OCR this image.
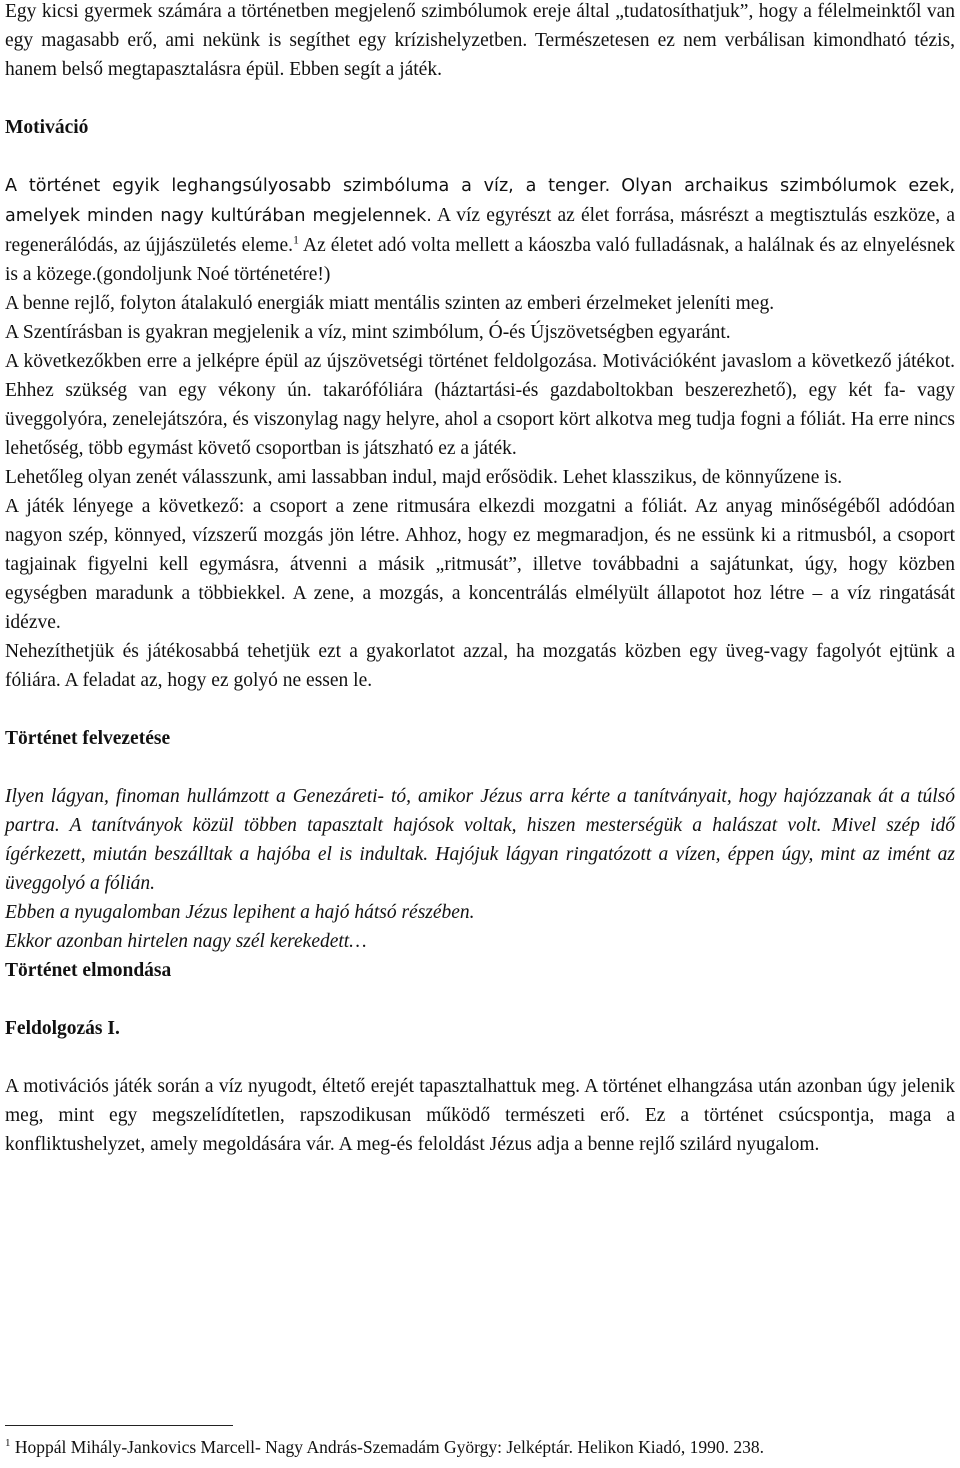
Egy kicsi gyermek számára a történetben megjelenő szimbólumok ereje által „tudatosíthatjuk”, hogy a félelmeinktől van egy magasabb erő, ami nekünk is segíthet egy krízishelyzetben. Természetesen ez nem verbálisan kimondható tézis, hanem belső megtapasztalásra épül. Ebben segít a játék.

Motiváció

A történet egyik leghangsúlyosabb szimbóluma a víz, a tenger. Olyan archaikus szimbólumok ezek, amelyek minden nagy kultúrában megjelennek. A víz egyrészt az élet forrása, másrészt a megtisztulás eszköze, a regenerálódás, az újjászületés eleme.$^1$ Az életet adó volta mellett a káoszba való fulladásnak, a halálnak és az elnyelésnek is a közege.(gondoljunk Noé történetére!)

A benne rejlő, folyton átalakuló energiák miatt mentális szinten az emberi érzelmeket jeleníti meg.

A Szentírásban is gyakran megjelenik a víz, mint szimbólum, Ó-és Újszövetségben egyaránt.

A következőkben erre a jelképre épül az újszövetségi történet feldolgozása. Motivációként javaslom a következő játékot. Ehhez szükség van egy vékony ún. takarófóliára (háztartási-és gazdaboltokban beszerezhető), egy két fa- vagy üveggolyóra, zenelejátszóra, és viszonylag nagy helyre, ahol a csoport kört alkotva meg tudja fogni a fóliát. Ha erre nincs lehetőség, több egymást követő csoportban is játszható ez a játék.

Lehetőleg olyan zenét válasszunk, ami lassabban indul, majd erősödik. Lehet klasszikus, de könnyűzene is.

A játék lényege a következő: a csoport a zene ritmusára elkezdi mozgatni a fóliát. Az anyag minőségéből adódóan nagyon szép, könnyed, vízszerű mozgás jön létre. Ahhoz, hogy ez megmaradjon, és ne essünk ki a ritmusból, a csoport tagjainak figyelni kell egymásra, átvenni a másik „ritmusát”, illetve továbbadni a sajátunkat, úgy, hogy közben egységben maradunk a többiekkel. A zene, a mozgás, a koncentrálás elmélyült állapotot hoz létre – a víz ringatását idézve.

Nehezíthetjük és játékosabbá tehetjük ezt a gyakorlatot azzal, ha mozgatás közben egy üveg-vagy fagolyót ejtünk a fóliára. A feladat az, hogy ez golyó ne essen le.

Történet felvezetése

Ilyen lágyan, finoman hullámzott a Genezáreti- tó, amikor Jézus arra kérte a tanítványait, hogy hajózzanak át a túlsó partra. A tanítványok közül többen tapasztalt hajósok voltak, hiszen mesterségük a halászat volt. Mivel szép idő ígérkezett, miután beszálltak a hajóba el is indultak. Hajójuk lágyan ringatózott a vízen, éppen úgy, mint az imént az üveggolyó a fólián.

Ebben a nyugalomban Jézus lepihent a hajó hátsó részében.

Ekkor azonban hirtelen nagy szél kerekedett…

Történet elmondása
Feldolgozás I.

A motivációs játék során a víz nyugodt, éltető erejét tapasztalhattuk meg. A történet elhangzása után azonban úgy jelenik meg, mint egy megszelídítetlen, rapszodikusan működő természeti erő. Ez a történet csúcspontja, maga a konfliktushelyzet, amely megoldására vár. A meg-és feloldást Jézus adja a benne rejlő szilárd nyugalom.

$^1$ Hoppál Mihály-Jankovics Marcell- Nagy András-Szemadám György: Jelképtár. Helikon Kiadó, 1990. 238.
